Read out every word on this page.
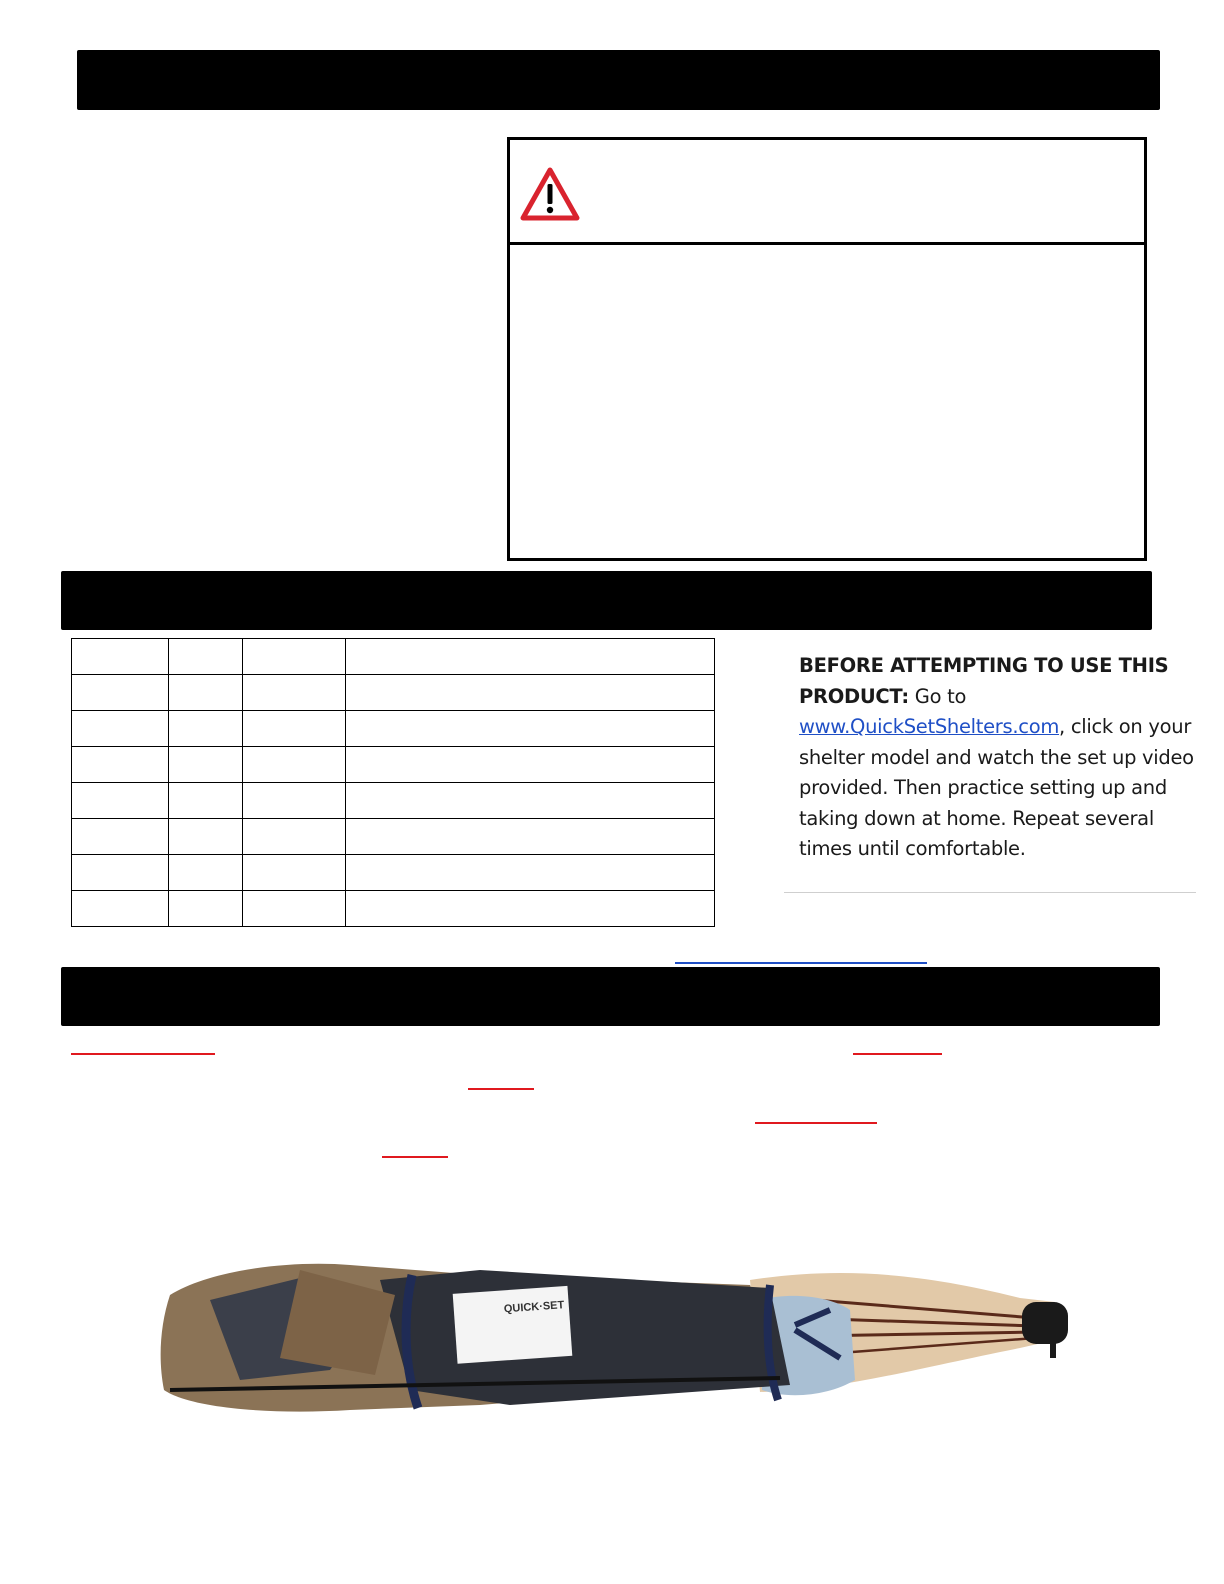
BEFORE ATTEMPTING TO USE THIS PRODUCT: Go to www.QuickSetShelters.com, click on your shelter model and watch the set up video provided. Then practice setting up and taking down at home. Repeat several times until comfortable.

QUICK·SET
